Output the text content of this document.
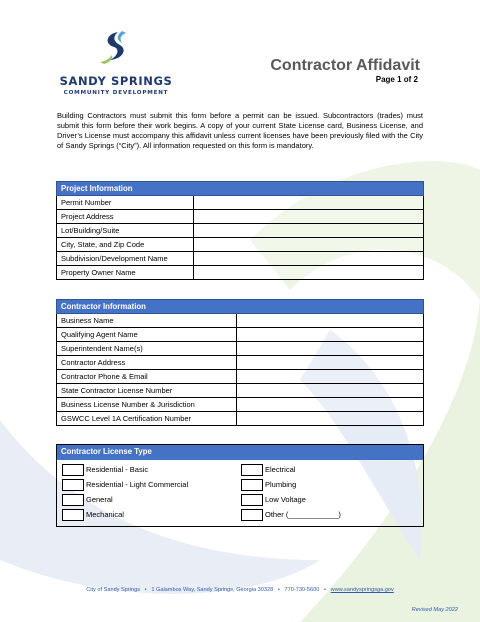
SANDY SPRINGS
COMMUNITY DEVELOPMENT
Contractor Affidavit
Page 1 of 2

Building Contractors must submit this form before a permit can be issued. Subcontractors (trades) must submit this form before their work begins. A copy of your current State License card, Business License, and Driver’s License must accompany this affidavit unless current licenses have been previously filed with the City of Sandy Springs (“City”). All information requested on this form is mandatory.

Project Information	
Permit Number	
Project Address	
Lot/Building/Suite	
City, State, and Zip Code	
Subdivision/Development Name	
Property Owner Name	
Contractor Information	
Business Name	
Qualifying Agent Name	
Superintendent Name(s)	
Contractor Address	
Contractor Phone & Email	
State Contractor License Number	
Business License Number & Jurisdiction	
GSWCC Level 1A Certification Number	
Contractor License Type
Residential - Basic
Residential - Light Commercial
General
Mechanical
Electrical
Plumbing
Low Voltage
Other (____________)
City of Sandy Springs • 1 Galambos Way, Sandy Springs, Georgia 30328 • 770-730-5600 • www.sandyspringsga.gov
Revised May 2022
